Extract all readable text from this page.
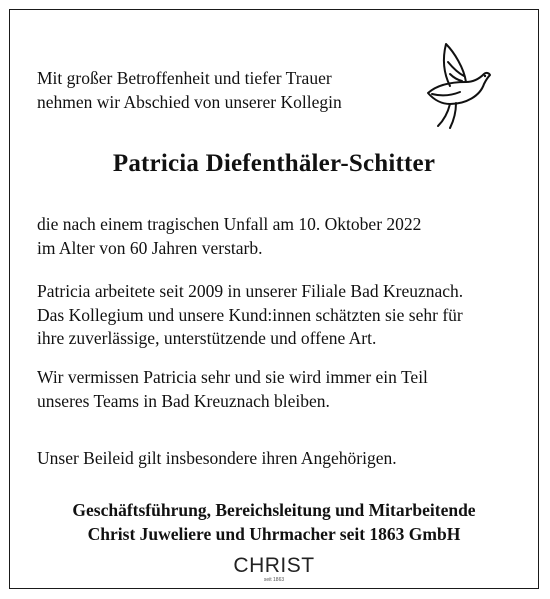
Mit großer Betroffenheit und tiefer Trauer
nehmen wir Abschied von unserer Kollegin
Patricia Diefenthäler-Schitter
die nach einem tragischen Unfall am 10. Oktober 2022
im Alter von 60 Jahren verstarb.
Patricia arbeitete seit 2009 in unserer Filiale Bad Kreuznach.
Das Kollegium und unsere Kund:innen schätzten sie sehr für
ihre zuverlässige, unterstützende und offene Art.
Wir vermissen Patricia sehr und sie wird immer ein Teil
unseres Teams in Bad Kreuznach bleiben.
Unser Beileid gilt insbesondere ihren Angehörigen.
Geschäftsführung, Bereichsleitung und Mitarbeitende
Christ Juweliere und Uhrmacher seit 1863 GmbH
CHRIST
seit 1863
